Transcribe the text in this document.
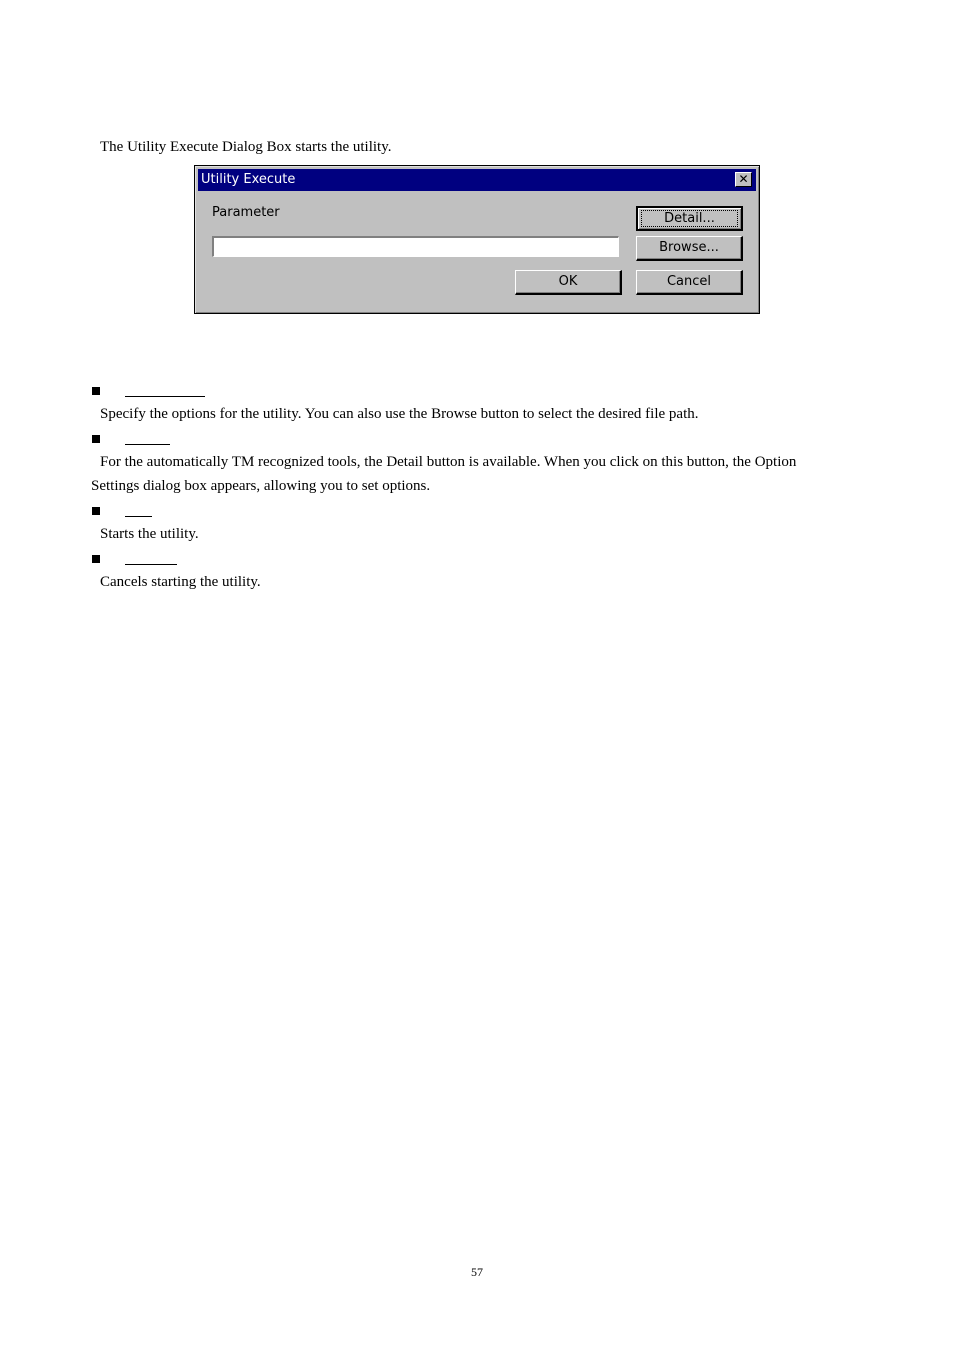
The Utility Execute Dialog Box starts the utility.
Utility Execute	✕
Parameter	Detail...
Browse...
OK	Cancel
Specify the options for the utility. You can also use the Browse button to select the desired file path.
For the automatically TM recognized tools, the Detail button is available. When you click on this button, the Option
Settings dialog box appears, allowing you to set options.
Starts the utility.
Cancels starting the utility.
57
